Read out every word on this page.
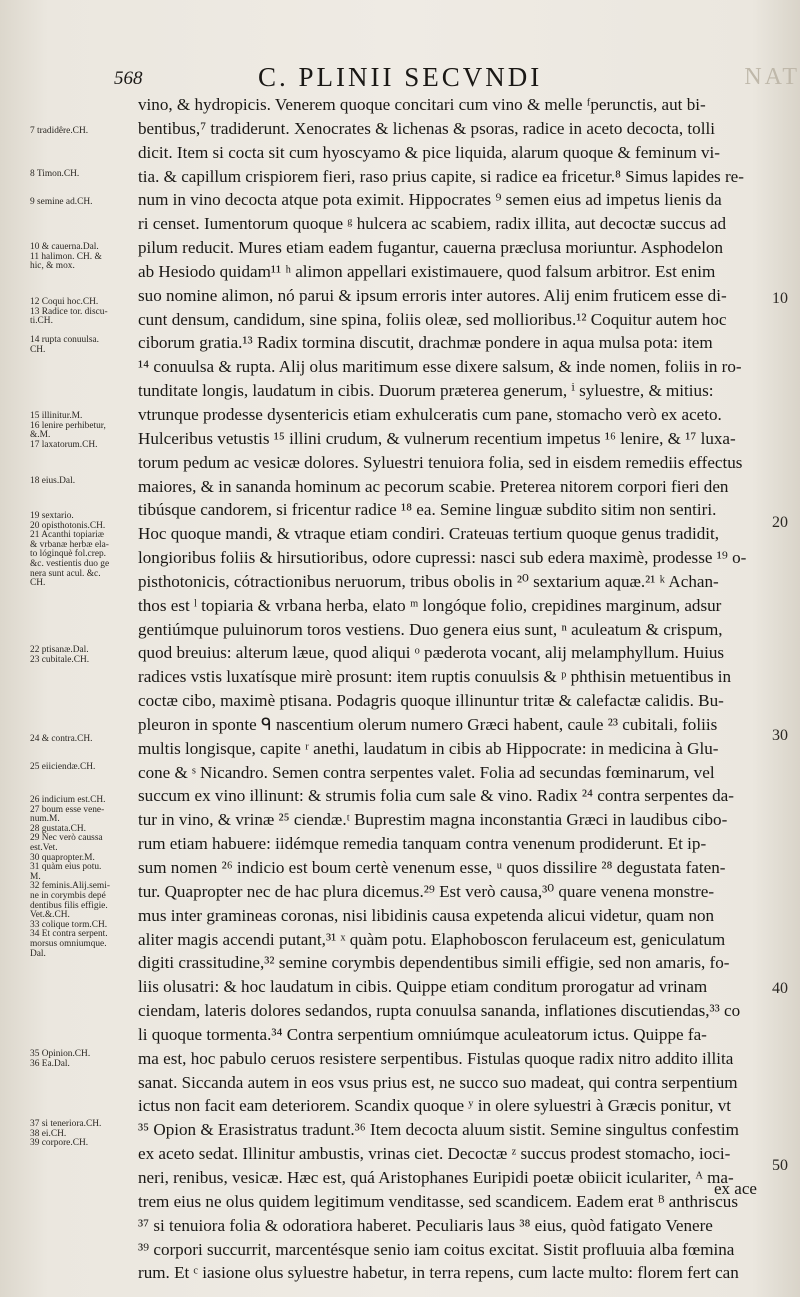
568	C. PLINII SECVNDI	NAT
7 tradidêre.CH.
8 Timon.CH.
9 semine ad.CH.
10 & cauerna.Dal.
11 halimon. CH. &
hic, & mox.
12 Coqui hoc.CH.
13 Radice tor. discu-
ti.CH.
14 rupta conuulsa.
CH.
15 illinitur.M.
16 lenire perhibetur,
&.M.
17 laxatorum.CH.
18 eius.Dal.
19 sextario.
20 opisthotonis.CH.
21 Acanthi topiariæ
& vrbanæ herbæ ela-
to lóginquè fol.crep.
&c. vestientis duo ge
nera sunt acul. &c.
CH.
22 ptisanæ.Dal.
23 cubitale.CH.
24 & contra.CH.
25 eiiciendæ.CH.
26 indicium est.CH.
27 boum esse vene-
num.M.
28 gustata.CH.
29 Nec verò caussa
est.Vet.
30 quapropter.M.
31 quàm eius potu.
M.
32 feminis.Alij.semi-
ne in corymbis depé
dentibus filis effigie.
Vet.&.CH.
33 colique torm.CH.
34 Et contra serpent.
morsus omniumque.
Dal.
35 Opinion.CH.
36 Ea.Dal.
37 si teneriora.CH.
38 ei.CH.
39 corpore.CH.
vino, & hydropicis. Venerem quoque concitari cum vino & melle ᶠperunctis, aut bi-
bentibus,⁷ tradiderunt. Xenocrates & lichenas & psoras, radice in aceto decocta, tolli
dicit. Item si cocta sit cum hyoscyamo & pice liquida, alarum quoque & feminum vi-
tia. & capillum crispiorem fieri, raso prius capite, si radice ea fricetur.⁸ Simus lapides re-
num in vino decocta atque pota eximit. Hippocrates ⁹ semen eius ad impetus lienis da
ri censet. Iumentorum quoque ᵍ hulcera ac scabiem, radix illita, aut decoctæ succus ad
pilum reducit. Mures etiam eadem fugantur, cauerna præclusa moriuntur. Asphodelon
ab Hesiodo quidam¹¹ ʰ alimon appellari existimauere, quod falsum arbitror. Est enim
suo nomine alimon, nó parui & ipsum erroris inter autores. Alij enim fruticem esse di-
cunt densum, candidum, sine spina, foliis oleæ, sed mollioribus.¹² Coquitur autem hoc
ciborum gratia.¹³ Radix tormina discutit, drachmæ pondere in aqua mulsa pota: item
¹⁴ conuulsa & rupta. Alij olus maritimum esse dixere salsum, & inde nomen, foliis in ro-
tunditate longis, laudatum in cibis. Duorum præterea generum, ⁱ syluestre, & mitius:
vtrunque prodesse dysentericis etiam exhulceratis cum pane, stomacho verò ex aceto.
Hulceribus vetustis ¹⁵ illini crudum, & vulnerum recentium impetus ¹⁶ lenire, & ¹⁷ luxa-
torum pedum ac vesicæ dolores. Syluestri tenuiora folia, sed in eisdem remediis effectus
maiores, & in sananda hominum ac pecorum scabie. Preterea nitorem corpori fieri den
tibúsque candorem, si fricentur radice ¹⁸ ea. Semine linguæ subdito sitim non sentiri.
Hoc quoque mandi, & vtraque etiam condiri. Crateuas tertium quoque genus tradidit,
longioribus foliis & hirsutioribus, odore cupressi: nasci sub edera maximè, prodesse ¹⁹ o-
pisthotonicis, cótractionibus neruorum, tribus obolis in ²⁰ sextarium aquæ.²¹ ᵏ Achan-
thos est ˡ topiaria & vrbana herba, elato ᵐ longóque folio, crepidines marginum, adsur
gentiúmque puluinorum toros vestiens. Duo genera eius sunt, ⁿ aculeatum & crispum,
quod breuius: alterum læue, quod aliqui ᵒ pæderota vocant, alij melamphyllum. Huius
radices vstis luxatísque mirè prosunt: item ruptis conuulsis & ᵖ phthisin metuentibus in
coctæ cibo, maximè ptisana. Podagris quoque illinuntur tritæ & calefactæ calidis. Bu-
pleuron in sponte ᑫ nascentium olerum numero Græci habent, caule ²³ cubitali, foliis
multis longisque, capite ʳ anethi, laudatum in cibis ab Hippocrate: in medicina à Glu-
cone & ˢ Nicandro. Semen contra serpentes valet. Folia ad secundas fœminarum, vel
succum ex vino illinunt: & strumis folia cum sale & vino. Radix ²⁴ contra serpentes da-
tur in vino, & vrinæ ²⁵ ciendæ.ᵗ Buprestim magna inconstantia Græci in laudibus cibo-
rum etiam habuere: iidémque remedia tanquam contra venenum prodiderunt. Et ip-
sum nomen ²⁶ indicio est boum certè venenum esse, ᵘ quos dissilire ²⁸ degustata faten-
tur. Quapropter nec de hac plura dicemus.²⁹ Est verò causa,³⁰ quare venena monstre-
mus inter gramineas coronas, nisi libidinis causa expetenda alicui videtur, quam non
aliter magis accendi putant,³¹ ˣ quàm potu. Elaphoboscon ferulaceum est, geniculatum
digiti crassitudine,³² semine corymbis dependentibus simili effigie, sed non amaris, fo-
liis olusatri: & hoc laudatum in cibis. Quippe etiam conditum prorogatur ad vrinam
ciendam, lateris dolores sedandos, rupta conuulsa sananda, inflationes discutiendas,³³ co
li quoque tormenta.³⁴ Contra serpentium omniúmque aculeatorum ictus. Quippe fa-
ma est, hoc pabulo ceruos resistere serpentibus. Fistulas quoque radix nitro addito illita
sanat. Siccanda autem in eos vsus prius est, ne succo suo madeat, qui contra serpentium
ictus non facit eam deteriorem. Scandix quoque ʸ in olere syluestri à Græcis ponitur, vt
³⁵ Opion & Erasistratus tradunt.³⁶ Item decocta aluum sistit. Semine singultus confestim
ex aceto sedat. Illinitur ambustis, vrinas ciet. Decoctæ ᶻ succus prodest stomacho, ioci-
neri, renibus, vesicæ. Hæc est, quá Aristophanes Euripidi poetæ obiicit iculariter, ᴬ ma-
trem eius ne olus quidem legitimum venditasse, sed scandicem. Eadem erat ᴮ anthriscus
³⁷ si tenuiora folia & odoratiora haberet. Peculiaris laus ³⁸ eius, quòd fatigato Venere
³⁹ corpori succurrit, marcentésque senio iam coitus excitat. Sistit profluuia alba fœmina
rum. Et ᶜ iasione olus syluestre habetur, in terra repens, cum lacte multo: florem fert can
10
20
30
40
50
ex ace
